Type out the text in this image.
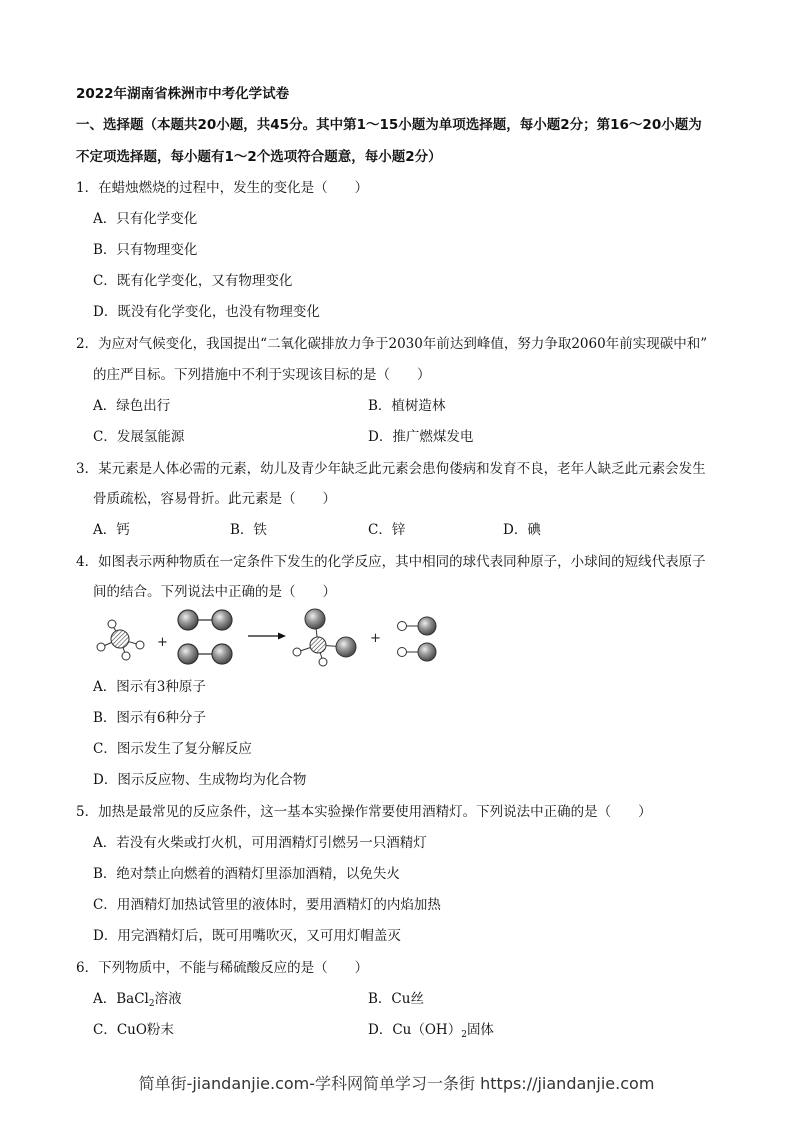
2022年湖南省株洲市中考化学试卷
一、选择题（本题共20小题，共45分。其中第1～15小题为单项选择题，每小题2分；第16～20小题为
不定项选择题，每小题有1～2个选项符合题意，每小题2分）
1．在蜡烛燃烧的过程中，发生的变化是（　　）
A．只有化学变化
B．只有物理变化
C．既有化学变化，又有物理变化
D．既没有化学变化，也没有物理变化
2．为应对气候变化，我国提出“二氧化碳排放力争于2030年前达到峰值，努力争取2060年前实现碳中和”
的庄严目标。下列措施中不利于实现该目标的是（　　）
A．绿色出行	B．植树造林
C．发展氢能源	D．推广燃煤发电
3．某元素是人体必需的元素，幼儿及青少年缺乏此元素会患佝偻病和发育不良，老年人缺乏此元素会发生
骨质疏松，容易骨折。此元素是（　　）
A．钙	B．铁	C．锌	D．碘
4．如图表示两种物质在一定条件下发生的化学反应，其中相同的球代表同种原子，小球间的短线代表原子
间的结合。下列说法中正确的是（　　）
+	+
A．图示有3种原子
B．图示有6种分子
C．图示发生了复分解反应
D．图示反应物、生成物均为化合物
5．加热是最常见的反应条件，这一基本实验操作常要使用酒精灯。下列说法中正确的是（　　）
A．若没有火柴或打火机，可用酒精灯引燃另一只酒精灯
B．绝对禁止向燃着的酒精灯里添加酒精，以免失火
C．用酒精灯加热试管里的液体时，要用酒精灯的内焰加热
D．用完酒精灯后，既可用嘴吹灭，又可用灯帽盖灭
6．下列物质中，不能与稀硫酸反应的是（　　）
A．BaCl$_2$溶液	B．Cu丝
C．CuO粉末	D．$Cu(OH)_2$固体
简单街-jiandanjie.com-学科网简单学习一条街 https://jiandanjie.com
